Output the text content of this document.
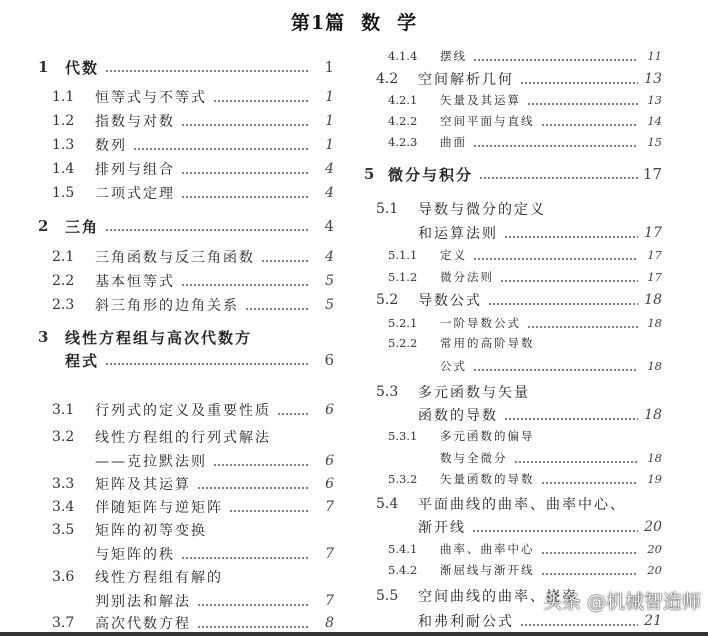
第1篇 数 学
1 代数	1
1.1 恒等式与不等式	1
1.2 指数与对数	1
1.3 数列	1
1.4 排列与组合	4
1.5 二项式定理	4
2 三角	4
2.1 三角函数与反三角函数	4
2.2 基本恒等式	5
2.3 斜三角形的边角关系	5
3 线性方程组与高次代数方
程式	6
3.1 行列式的定义及重要性质	6
3.2 线性方程组的行列式解法
——克拉默法则	6
3.3 矩阵及其运算	6
3.4 伴随矩阵与逆矩阵	7
3.5 矩阵的初等变换
与矩阵的秩	7
3.6 线性方程组有解的
判别法和解法	7
3.7 高次代数方程	8
4.1.4 摆线	11
4.2 空间解析几何	13
4.2.1 矢量及其运算	13
4.2.2 空间平面与直线	14
4.2.3 曲面	15
5 微分与积分	17
5.1 导数与微分的定义
和运算法则	17
5.1.1 定义	17
5.1.2 微分法则	17
5.2 导数公式	18
5.2.1 一阶导数公式	18
5.2.2 常用的高阶导数
公式	18
5.3 多元函数与矢量
函数的导数	18
5.3.1 多元函数的偏导
数与全微分	18
5.3.2 矢量函数的导数	19
5.4 平面曲线的曲率、曲率中心、
渐开线	20
5.4.1 曲率、曲率中心	20
5.4.2 渐屈线与渐开线	20
5.5 空间曲线的曲率、挠率
和弗利耐公式	21
头条 @机械智造师
